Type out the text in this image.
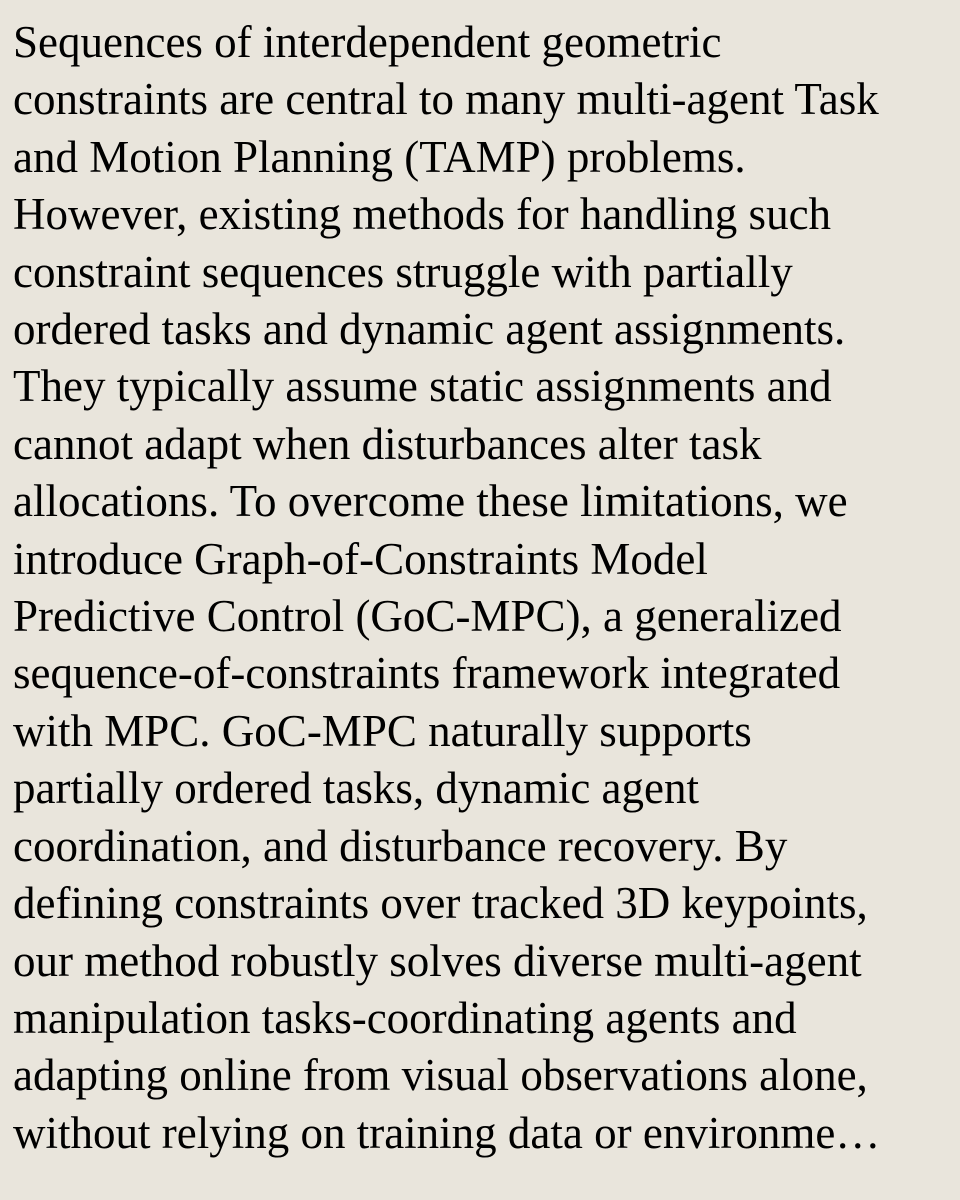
Sequences of interdependent geometric
constraints are central to many multi-agent Task
and Motion Planning (TAMP) problems.
However, existing methods for handling such
constraint sequences struggle with partially
ordered tasks and dynamic agent assignments.
They typically assume static assignments and
cannot adapt when disturbances alter task
allocations. To overcome these limitations, we
introduce Graph-of-Constraints Model
Predictive Control (GoC-MPC), a generalized
sequence-of-constraints framework integrated
with MPC. GoC-MPC naturally supports
partially ordered tasks, dynamic agent
coordination, and disturbance recovery. By
defining constraints over tracked 3D keypoints,
our method robustly solves diverse multi-agent
manipulation tasks-coordinating agents and
adapting online from visual observations alone,
without relying on training data or environme…
